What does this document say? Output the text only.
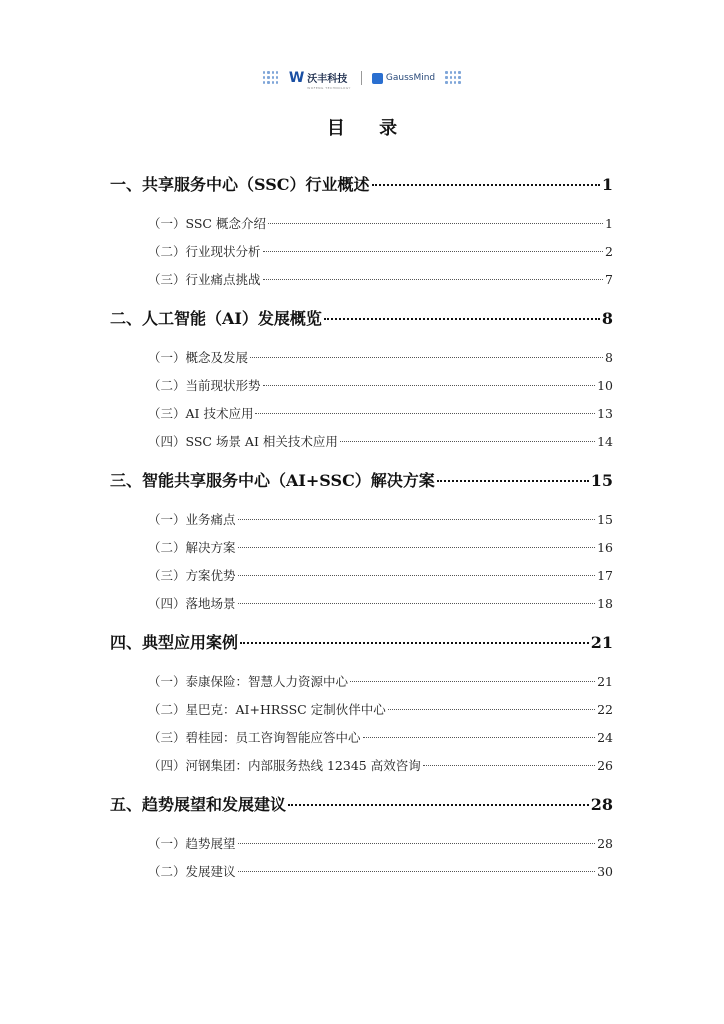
W 沃丰科技
WOFENG TECHNOLOGY
GaussMind
目 录
一、共享服务中心（SSC）行业概述	1
（一）SSC 概念介绍	1
（二）行业现状分析	2
（三）行业痛点挑战	7
二、人工智能（AI）发展概览	8
（一）概念及发展	8
（二）当前现状形势	10
（三）AI 技术应用	13
（四）SSC 场景 AI 相关技术应用	14
三、智能共享服务中心（AI+SSC）解决方案	15
（一）业务痛点	15
（二）解决方案	16
（三）方案优势	17
（四）落地场景	18
四、典型应用案例	21
（一）泰康保险：智慧人力资源中心	21
（二）星巴克：AI+HRSSC 定制伙伴中心	22
（三）碧桂园：员工咨询智能应答中心	24
（四）河钢集团：内部服务热线 12345 高效咨询	26
五、趋势展望和发展建议	28
（一）趋势展望	28
（二）发展建议	30
